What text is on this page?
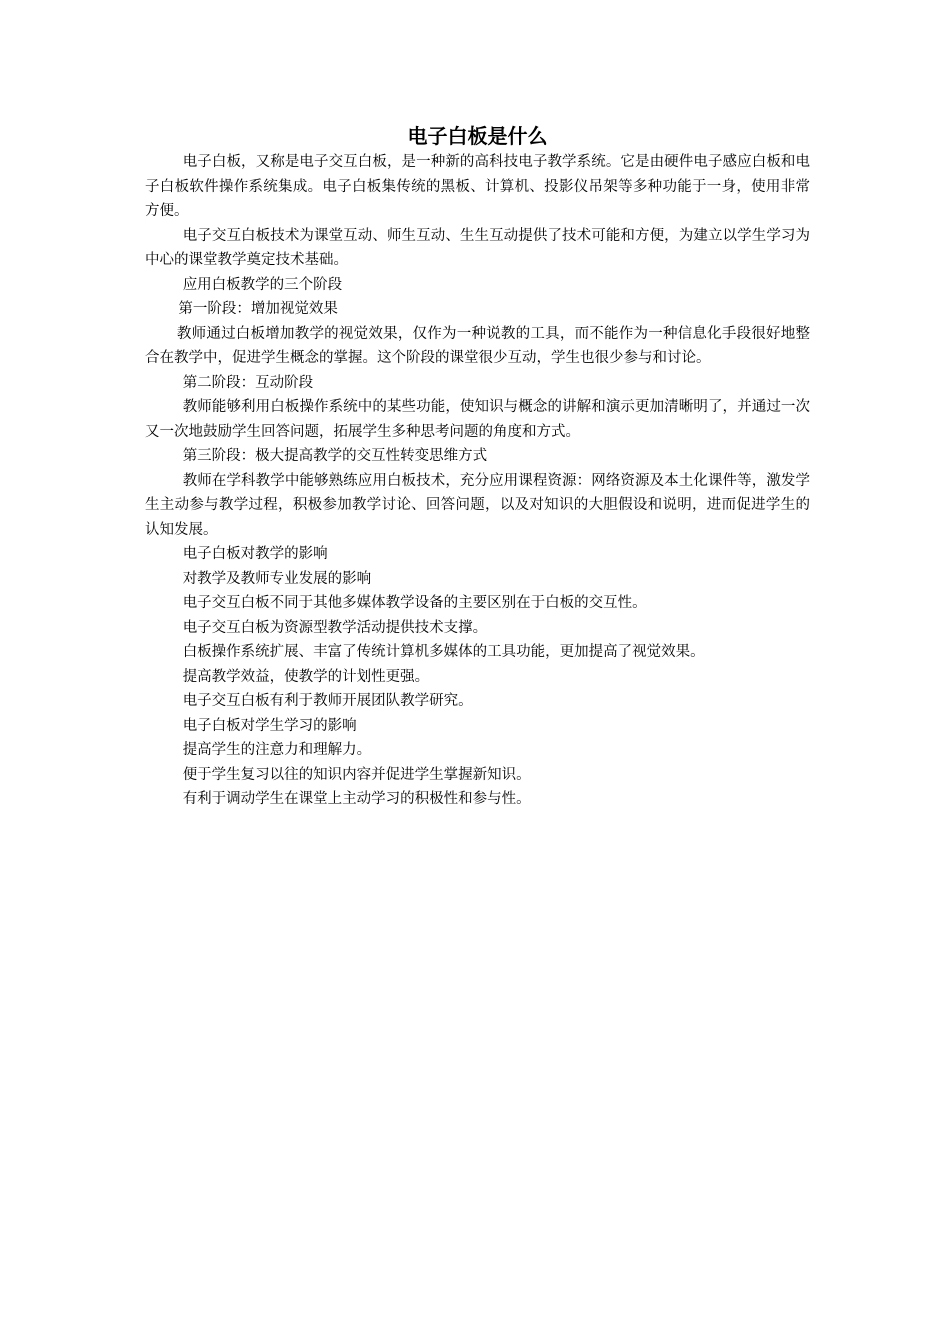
电子白板是什么

电子白板，又称是电子交互白板，是一种新的高科技电子教学系统。它是由硬件电子感应白板和电子白板软件操作系统集成。电子白板集传统的黑板、计算机、投影仪吊架等多种功能于一身，使用非常方便。

电子交互白板技术为课堂互动、师生互动、生生互动提供了技术可能和方便，为建立以学生学习为中心的课堂教学奠定技术基础。

应用白板教学的三个阶段

第一阶段：增加视觉效果

教师通过白板增加教学的视觉效果，仅作为一种说教的工具，而不能作为一种信息化手段很好地整合在教学中，促进学生概念的掌握。这个阶段的课堂很少互动，学生也很少参与和讨论。

第二阶段：互动阶段

教师能够利用白板操作系统中的某些功能，使知识与概念的讲解和演示更加清晰明了，并通过一次又一次地鼓励学生回答问题，拓展学生多种思考问题的角度和方式。

第三阶段：极大提高教学的交互性转变思维方式

教师在学科教学中能够熟练应用白板技术，充分应用课程资源：网络资源及本土化课件等，激发学生主动参与教学过程，积极参加教学讨论、回答问题，以及对知识的大胆假设和说明，进而促进学生的认知发展。

电子白板对教学的影响

对教学及教师专业发展的影响

电子交互白板不同于其他多媒体教学设备的主要区别在于白板的交互性。

电子交互白板为资源型教学活动提供技术支撑。

白板操作系统扩展、丰富了传统计算机多媒体的工具功能，更加提高了视觉效果。

提高教学效益，使教学的计划性更强。

电子交互白板有利于教师开展团队教学研究。

电子白板对学生学习的影响

提高学生的注意力和理解力。

便于学生复习以往的知识内容并促进学生掌握新知识。

有利于调动学生在课堂上主动学习的积极性和参与性。
